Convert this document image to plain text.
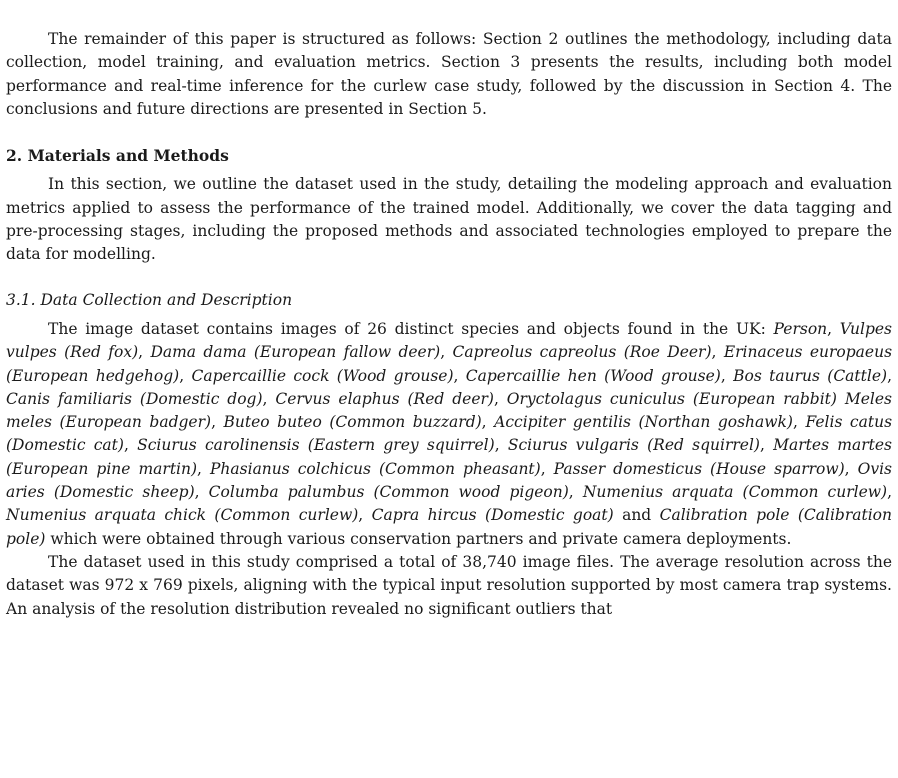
The remainder of this paper is structured as follows: Section 2 outlines the methodology, including data collection, model training, and evaluation metrics. Section 3 presents the results, including both model performance and real-time inference for the curlew case study, followed by the discussion in Section 4. The conclusions and future directions are presented in Section 5.

2. Materials and Methods

In this section, we outline the dataset used in the study, detailing the modeling approach and evaluation metrics applied to assess the performance of the trained model. Additionally, we cover the data tagging and pre-processing stages, including the proposed methods and associated technologies employed to prepare the data for modelling.

3.1. Data Collection and Description

The image dataset contains images of 26 distinct species and objects found in the UK: Person, Vulpes vulpes (Red fox), Dama dama (European fallow deer), Capreolus capreolus (Roe Deer), Erinaceus europaeus (European hedgehog), Capercaillie cock (Wood grouse), Capercaillie hen (Wood grouse), Bos taurus (Cattle), Canis familiaris (Domestic dog), Cervus elaphus (Red deer), Oryctolagus cuniculus (European rabbit) Meles meles (European badger), Buteo buteo (Common buzzard), Accipiter gentilis (Northan goshawk), Felis catus (Domestic cat), Sciurus carolinensis (Eastern grey squirrel), Sciurus vulgaris (Red squirrel), Martes martes (European pine martin), Phasianus colchicus (Common pheasant), Passer domesticus (House sparrow), Ovis aries (Domestic sheep), Columba palumbus (Common wood pigeon), Numenius arquata (Common curlew), Numenius arquata chick (Common curlew), Capra hircus (Domestic goat) and Calibration pole (Calibration pole) which were obtained through various conservation partners and private camera deployments.

The dataset used in this study comprised a total of 38,740 image files. The average resolution across the dataset was 972 x 769 pixels, aligning with the typical input resolution supported by most camera trap systems. An analysis of the resolution distribution revealed no significant outliers that
